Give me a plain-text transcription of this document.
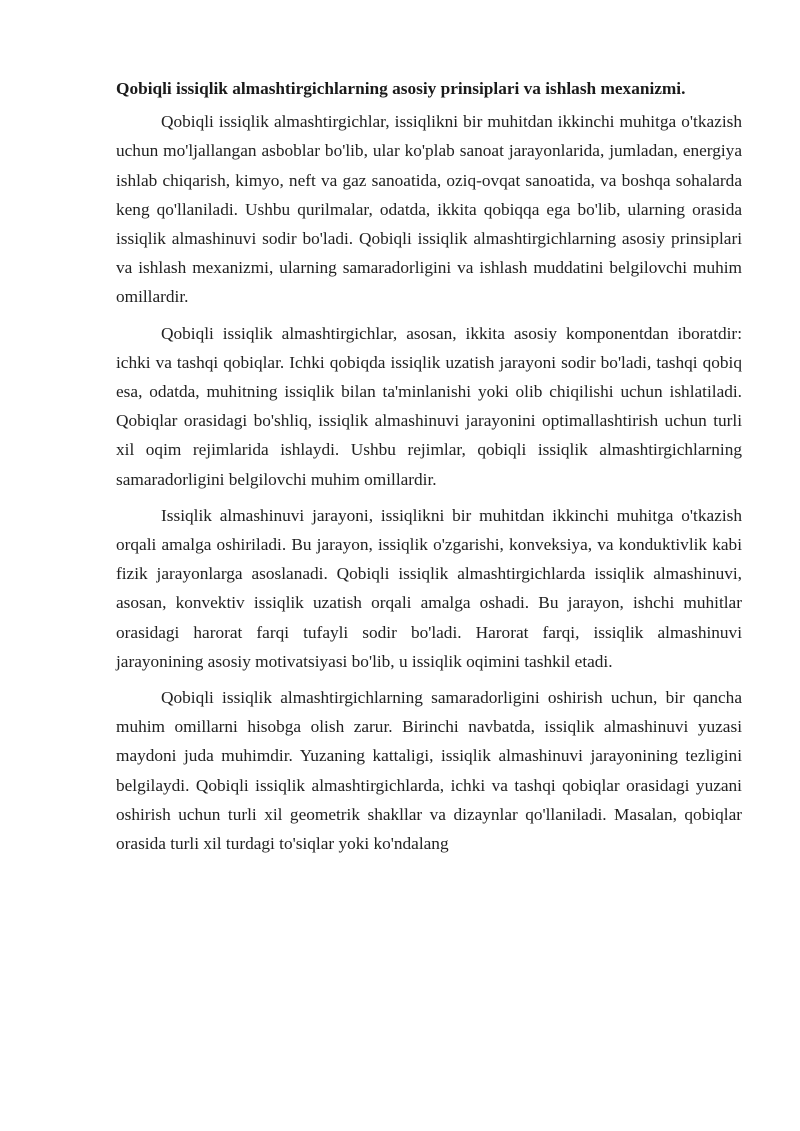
Qobiqli issiqlik almashtirgichlarning asosiy prinsiplari va ishlash mexanizmi.

Qobiqli issiqlik almashtirgichlar, issiqlikni bir muhitdan ikkinchi muhitga o'tkazish uchun mo'ljallangan asboblar bo'lib, ular ko'plab sanoat jarayonlarida, jumladan, energiya ishlab chiqarish, kimyo, neft va gaz sanoatida, oziq-ovqat sanoatida, va boshqa sohalarda keng qo'llaniladi. Ushbu qurilmalar, odatda, ikkita qobiqqa ega bo'lib, ularning orasida issiqlik almashinuvi sodir bo'ladi. Qobiqli issiqlik almashtirgichlarning asosiy prinsiplari va ishlash mexanizmi, ularning samaradorligini va ishlash muddatini belgilovchi muhim omillardir.

Qobiqli issiqlik almashtirgichlar, asosan, ikkita asosiy komponentdan iboratdir: ichki va tashqi qobiqlar. Ichki qobiqda issiqlik uzatish jarayoni sodir bo'ladi, tashqi qobiq esa, odatda, muhitning issiqlik bilan ta'minlanishi yoki olib chiqilishi uchun ishlatiladi. Qobiqlar orasidagi bo'shliq, issiqlik almashinuvi jarayonini optimallashtirish uchun turli xil oqim rejimlarida ishlaydi. Ushbu rejimlar, qobiqli issiqlik almashtirgichlarning samaradorligini belgilovchi muhim omillardir.

Issiqlik almashinuvi jarayoni, issiqlikni bir muhitdan ikkinchi muhitga o'tkazish orqali amalga oshiriladi. Bu jarayon, issiqlik o'zgarishi, konveksiya, va konduktivlik kabi fizik jarayonlarga asoslanadi. Qobiqli issiqlik almashtirgichlarda issiqlik almashinuvi, asosan, konvektiv issiqlik uzatish orqali amalga oshadi. Bu jarayon, ishchi muhitlar orasidagi harorat farqi tufayli sodir bo'ladi. Harorat farqi, issiqlik almashinuvi jarayonining asosiy motivatsiyasi bo'lib, u issiqlik oqimini tashkil etadi.

Qobiqli issiqlik almashtirgichlarning samaradorligini oshirish uchun, bir qancha muhim omillarni hisobga olish zarur. Birinchi navbatda, issiqlik almashinuvi yuzasi maydoni juda muhimdir. Yuzaning kattaligi, issiqlik almashinuvi jarayonining tezligini belgilaydi. Qobiqli issiqlik almashtirgichlarda, ichki va tashqi qobiqlar orasidagi yuzani oshirish uchun turli xil geometrik shakllar va dizaynlar qo'llaniladi. Masalan, qobiqlar orasida turli xil turdagi to'siqlar yoki ko'ndalang
